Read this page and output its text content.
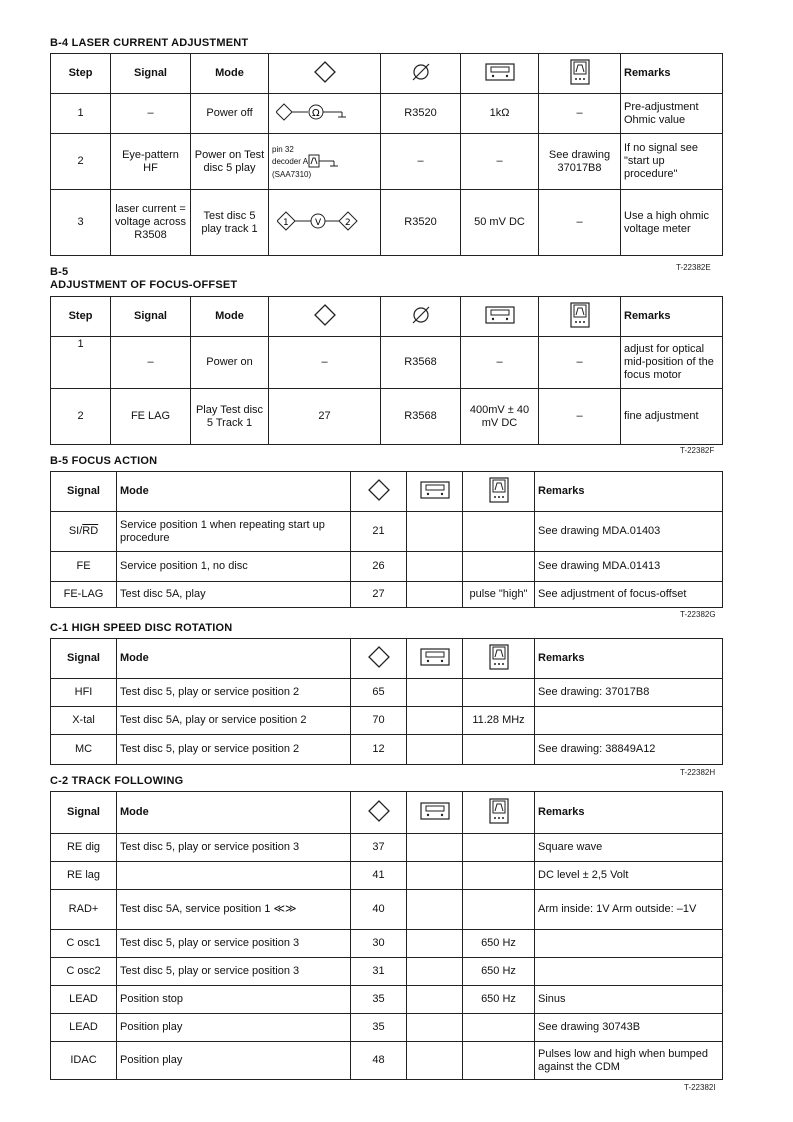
B-4 LASER CURRENT ADJUSTMENT
Step	Signal	Mode					Remarks
1	–	Power off	Ω	R3520	1kΩ	–	Pre-adjustment Ohmic value
2	Eye-pattern HF	Power on Test disc 5 play	pin 32
decoder A
(SAA7310)	–	–	See drawing 37017B8	If no signal see "start up procedure"
3	laser current = voltage across R3508	Test disc 5 play track 1	1 V 2	R3520	50 mV DC	–	Use a high ohmic voltage meter
T-22382E
B-5
ADJUSTMENT OF FOCUS-OFFSET
Step	Signal	Mode					Remarks
1	–	Power on	–	R3568	–	–	adjust for optical mid-position of the focus motor
2	FE LAG	Play Test disc 5 Track 1	27	R3568	400mV ± 40 mV DC	–	fine adjustment
T-22382F
B-5 FOCUS ACTION
Signal	Mode				Remarks
$SI/\overline{RD}$	Service position 1 when repeating start up procedure	21			See drawing MDA.01403
FE	Service position 1, no disc	26			See drawing MDA.01413
FE-LAG	Test disc 5A, play	27		pulse "high"	See adjustment of focus-offset
T-22382G
C-1 HIGH SPEED DISC ROTATION
Signal	Mode				Remarks
HFI	Test disc 5, play or service position 2	65			See drawing: 37017B8
X-tal	Test disc 5A, play or service position 2	70		11.28 MHz	
MC	Test disc 5, play or service position 2	12			See drawing: 38849A12
T-22382H
C-2 TRACK FOLLOWING
Signal	Mode				Remarks
RE dig	Test disc 5, play or service position 3	37			Square wave
RE lag		41			DC level ± 2,5 Volt
RAD+	Test disc 5A, service position 1 ≪≫	40			Arm inside: 1V Arm outside: –1V
C osc1	Test disc 5, play or service position 3	30		650 Hz	
C osc2	Test disc 5, play or service position 3	31		650 Hz	
LEAD	Position stop	35		650 Hz	Sinus
LEAD	Position play	35			See drawing 30743B
IDAC	Position play	48			Pulses low and high when bumped against the CDM
T-22382I
